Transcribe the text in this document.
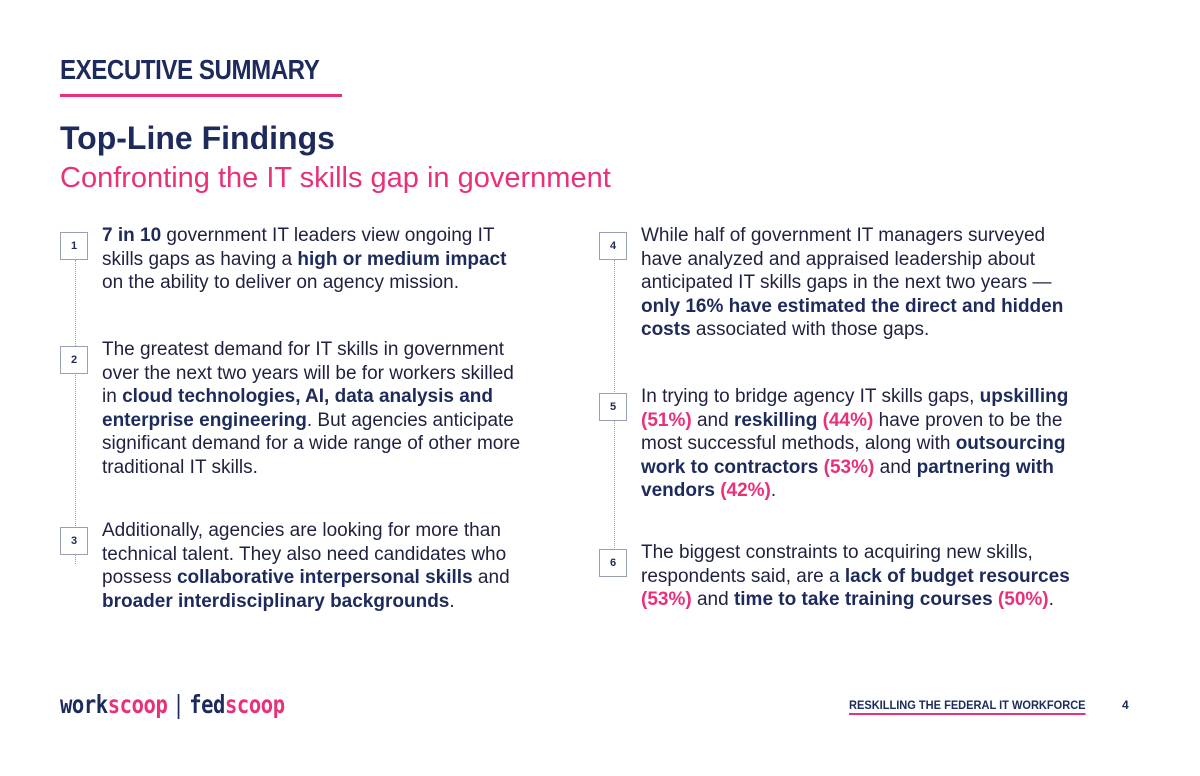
EXECUTIVE SUMMARY
Top-Line Findings
Confronting the IT skills gap in government
1	7 in 10 government IT leaders view ongoing IT skills gaps as having a high or medium impact on the ability to deliver on agency mission.
2	The greatest demand for IT skills in government over the next two years will be for workers skilled in cloud technologies, AI, data analysis and enterprise engineering. But agencies anticipate significant demand for a wide range of other more traditional IT skills.
3	Additionally, agencies are looking for more than technical talent. They also need candidates who possess collaborative interpersonal skills and broader interdisciplinary backgrounds.
4	While half of government IT managers surveyed have analyzed and appraised leadership about anticipated IT skills gaps in the next two years — only 16% have estimated the direct and hidden costs associated with those gaps.
5	In trying to bridge agency IT skills gaps, upskilling (51%) and reskilling (44%) have proven to be the most successful methods, along with outsourcing work to contractors (53%) and partnering with vendors (42%).
6	The biggest constraints to acquiring new skills, respondents said, are a lack of budget resources (53%) and time to take training courses (50%).
workscoop | fedscoop	RESKILLING THE FEDERAL IT WORKFORCE	4
